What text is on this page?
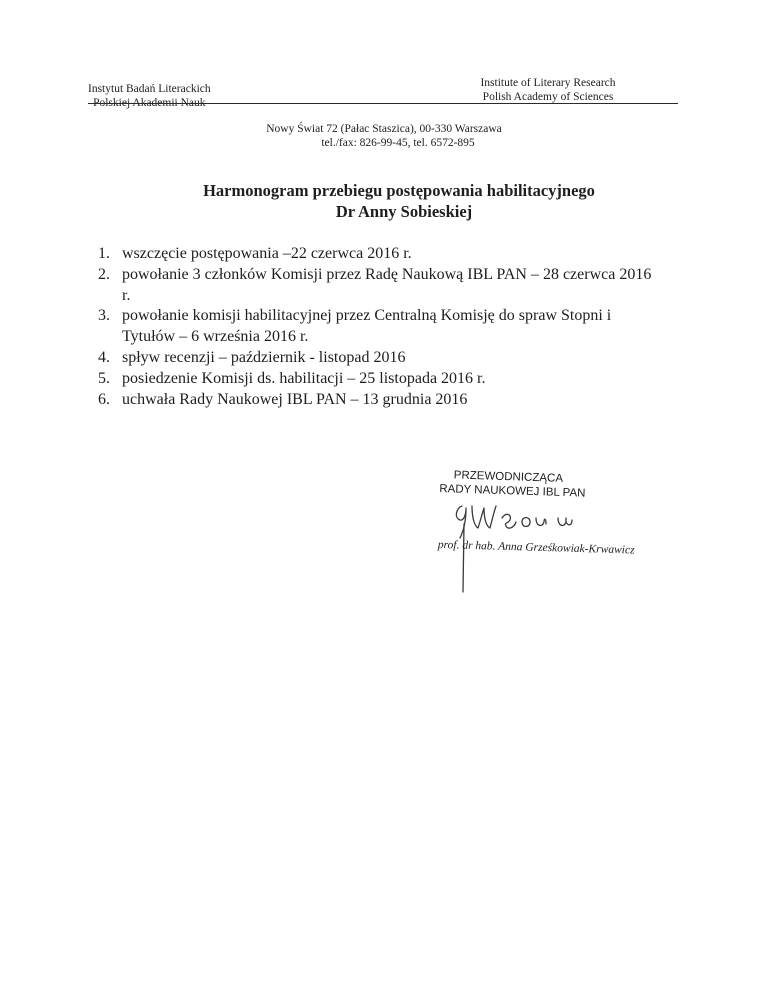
Instytut Badań Literackich
Polskiej Akademii Nauk
Institute of Literary Research
Polish Academy of Sciences
Nowy Świat 72 (Pałac Staszica), 00-330 Warszawa
tel./fax: 826-99-45, tel. 6572-895
Harmonogram przebiegu postępowania habilitacyjnego
Dr Anny Sobieskiej
1. wszczęcie postępowania –22 czerwca 2016 r.
2. powołanie 3 członków Komisji przez Radę Naukową IBL PAN – 28 czerwca 2016 r.
3. powołanie komisji habilitacyjnej przez Centralną Komisję do spraw Stopni i Tytułów – 6 września 2016 r.
4. spływ recenzji – październik - listopad 2016
5. posiedzenie Komisji ds. habilitacji – 25 listopada 2016 r.
6. uchwała Rady Naukowej IBL PAN – 13 grudnia 2016
PRZEWODNICZĄCA
RADY NAUKOWEJ IBL PAN
prof. dr hab. Anna Grześkowiak-Krwawicz
